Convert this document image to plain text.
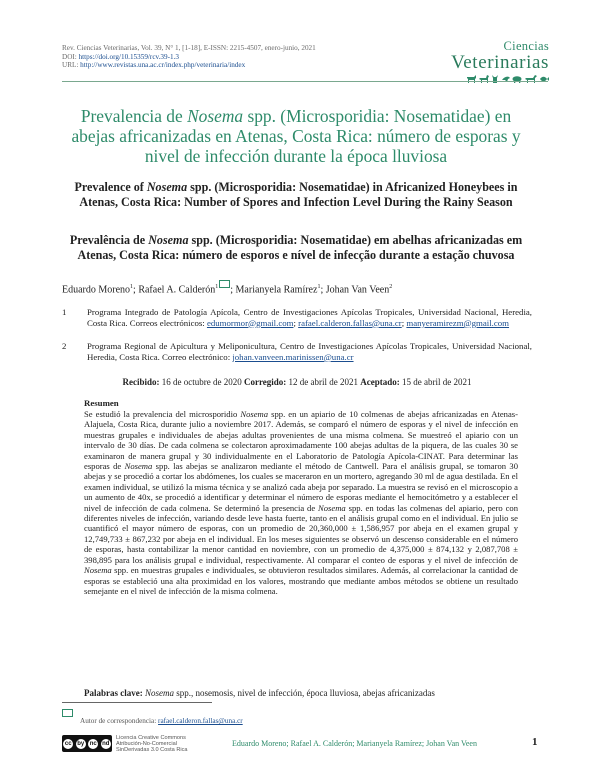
Rev. Ciencias Veterinarias, Vol. 39, N° 1, [1-18], E-ISSN: 2215-4507, enero-junio, 2021
DOI: https://doi.org/10.15359/rcv.39-1.3
URL: http://www.revistas.una.ac.cr/index.php/veterinaria/index
Ciencias
Veterinarias
Prevalencia de Nosema spp. (Microsporidia: Nosematidae) en abejas africanizadas en Atenas, Costa Rica: número de esporas y nivel de infección durante la época lluviosa
Prevalence of Nosema spp. (Microsporidia: Nosematidae) in Africanized Honeybees in Atenas, Costa Rica: Number of Spores and Infection Level During the Rainy Season
Prevalência de Nosema spp. (Microsporidia: Nosematidae) em abelhas africanizadas em Atenas, Costa Rica: número de esporos e nível de infecção durante a estação chuvosa
Eduardo Moreno$^1$; Rafael A. Calderón$^1$ ; Marianyela Ramírez$^1$; Johan Van Veen$^2$
1 Programa Integrado de Patología Apícola, Centro de Investigaciones Apícolas Tropicales, Universidad Nacional, Heredia, Costa Rica. Correos electrónicos: edumormor@gmail.com; rafael.calderon.fallas@una.cr; manyeramirezm@gmail.com
2 Programa Regional de Apicultura y Meliponicultura, Centro de Investigaciones Apícolas Tropicales, Universidad Nacional, Heredia, Costa Rica. Correo electrónico: johan.vanveen.marinissen@una.cr
Recibido: 16 de octubre de 2020 Corregido: 12 de abril de 2021 Aceptado: 15 de abril de 2021
Resumen
Se estudió la prevalencia del microsporidio Nosema spp. en un apiario de 10 colmenas de abejas africanizadas en Atenas-Alajuela, Costa Rica, durante julio a noviembre 2017. Además, se comparó el número de esporas y el nivel de infección en muestras grupales e individuales de abejas adultas provenientes de una misma colmena. Se muestreó el apiario con un intervalo de 30 días. De cada colmena se colectaron aproximadamente 100 abejas adultas de la piquera, de las cuales 30 se examinaron de manera grupal y 30 individualmente en el Laboratorio de Patología Apícola-CINAT. Para determinar las esporas de Nosema spp. las abejas se analizaron mediante el método de Cantwell. Para el análisis grupal, se tomaron 30 abejas y se procedió a cortar los abdómenes, los cuales se maceraron en un mortero, agregando 30 ml de agua destilada. En el examen individual, se utilizó la misma técnica y se analizó cada abeja por separado. La muestra se revisó en el microscopio a un aumento de 40x, se procedió a identificar y determinar el número de esporas mediante el hemocitómetro y a establecer el nivel de infección de cada colmena. Se determinó la presencia de Nosema spp. en todas las colmenas del apiario, pero con diferentes niveles de infección, variando desde leve hasta fuerte, tanto en el análisis grupal como en el individual. En julio se cuantificó el mayor número de esporas, con un promedio de 20,360,000 ± 1,586,957 por abeja en el examen grupal y 12,749,733 ± 867,232 por abeja en el individual. En los meses siguientes se observó un descenso considerable en el número de esporas, hasta contabilizar la menor cantidad en noviembre, con un promedio de 4,375,000 ± 874,132 y 2,087,708 ± 398,895 para los análisis grupal e individual, respectivamente. Al comparar el conteo de esporas y el nivel de infección de Nosema spp. en muestras grupales e individuales, se obtuvieron resultados similares. Además, al correlacionar la cantidad de esporas se estableció una alta proximidad en los valores, mostrando que mediante ambos métodos se obtiene un resultado semejante en el nivel de infección de la misma colmena.
Palabras clave: Nosema spp., nosemosis, nivel de infección, época lluviosa, abejas africanizadas
Autor de correspondencia: rafael.calderon.fallas@una.cr
cc by nc nd
Licencia Creative Commons
Atribución-No-Comercial
SinDerivadas 3.0 Costa Rica
Eduardo Moreno; Rafael A. Calderón; Marianyela Ramírez; Johan Van Veen	1
